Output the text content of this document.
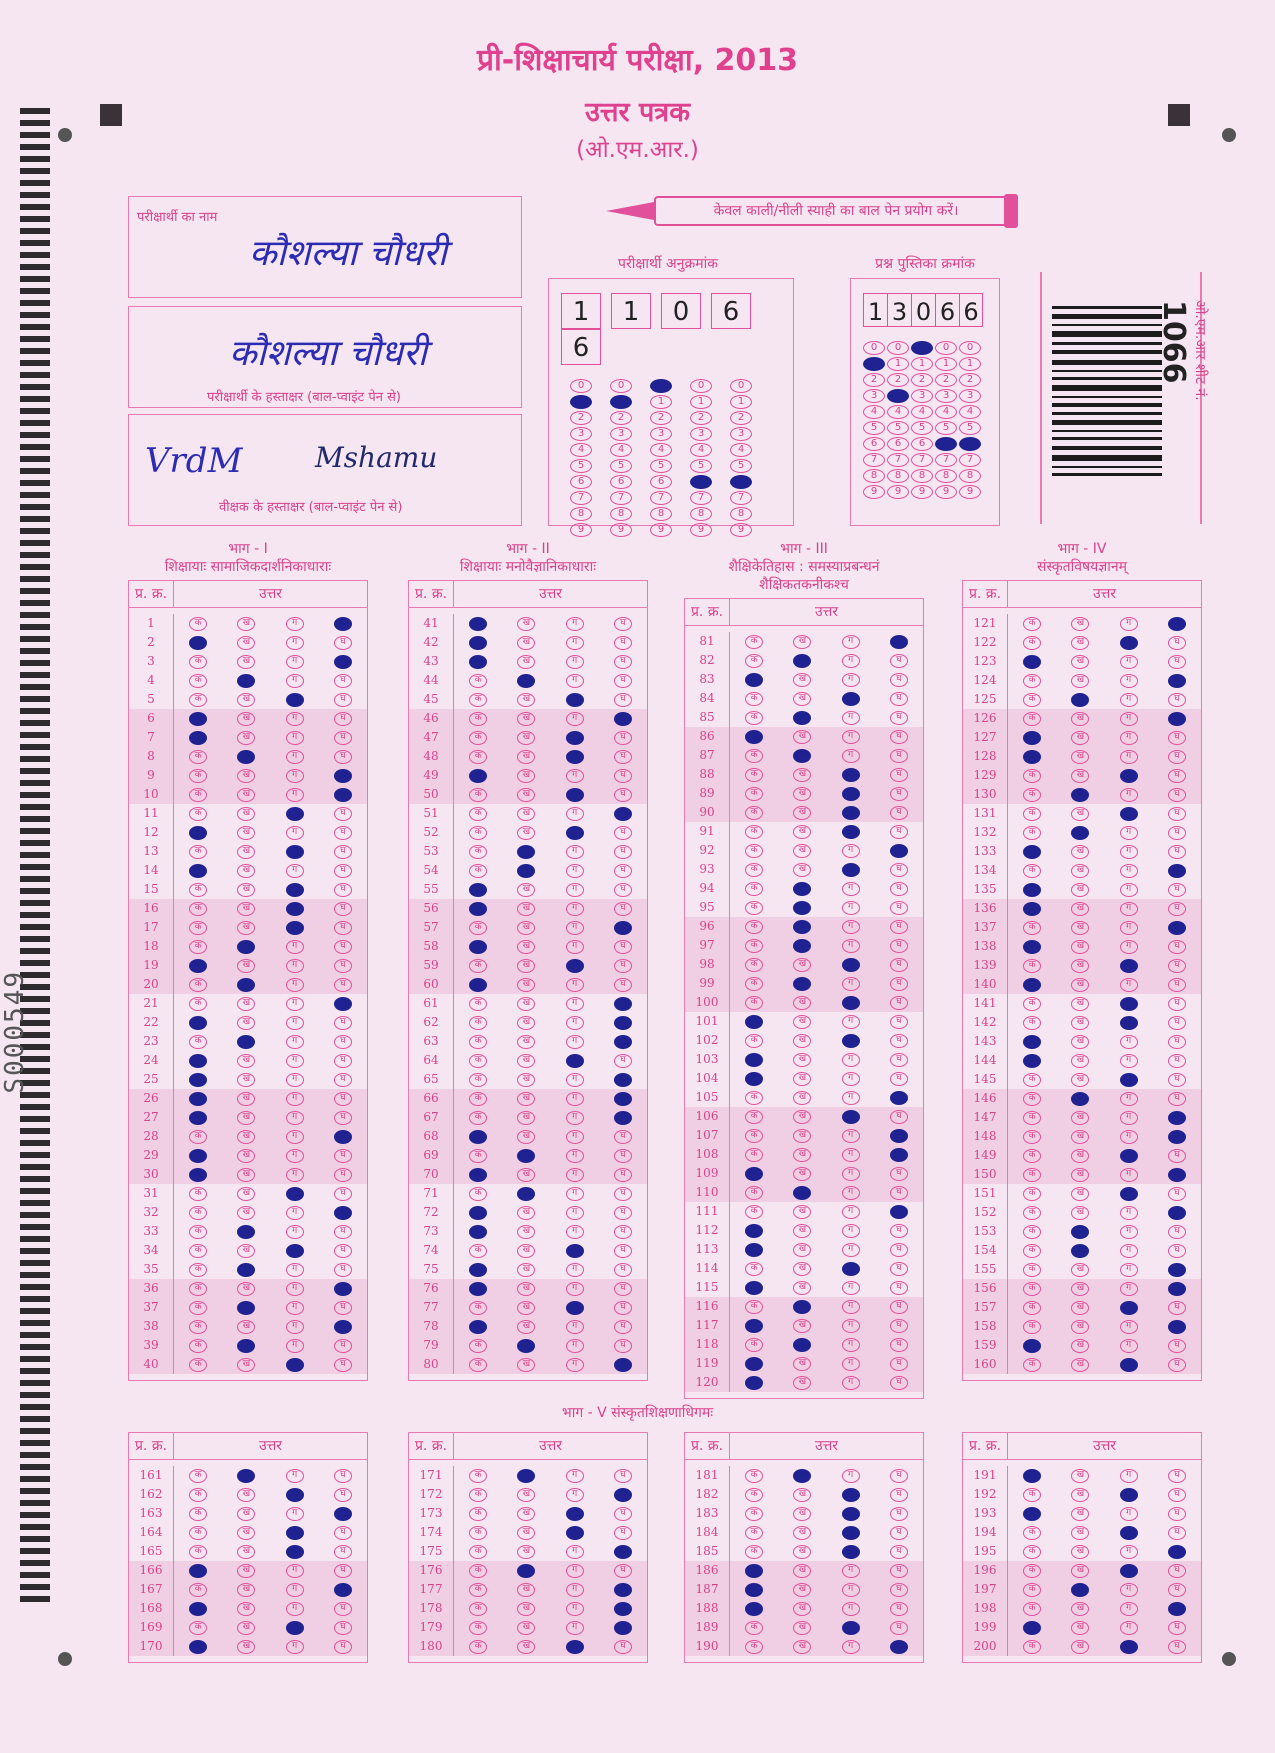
प्री-शिक्षाचार्य परीक्षा, 2013
उत्तर पत्रक
(ओ.एम.आर.)
S000549
परीक्षार्थी का नाम
कौशल्या चौधरी
कौशल्या चौधरी
परीक्षार्थी के हस्ताक्षर (बाल-प्वाइंट पेन से)
VrdM	Mshamu
वीक्षक के हस्ताक्षर (बाल-प्वाइंट पेन से)
केवल काली/नीली स्याही का बाल पेन प्रयोग करें।
परीक्षार्थी अनुक्रमांक
1 1 0 66
0	0	0	0	0
1	1	1	1	1
2	2	2	2	2
3	3	3	3	3
4	4	4	4	4
5	5	5	5	5
6	6	6	6	6
7	7	7	7	7
8	8	8	8	8
9	9	9	9	9
प्रश्न पुस्तिका क्रमांक
1 3 0 6 6
0 0 0 0 0
1 1 1 1 1
2 2 2 2 2
3 3 3 3 3
4 4 4 4 4
5 5 5 5 5
6 6 6 6 6
7 7 7 7 7
8 8 8 8 8
9 9 9 9 9
ओ.एम.आर शीट नं. 1066
भाग - I
शिक्षायाः सामाजिकदार्शनिकाधाराः
प्र. क्र.	उत्तर
1	क	ख	ग	घ
2	क	ख	ग	घ
3	क	ख	ग	घ
4	क	ख	ग	घ
5	क	ख	ग	घ
6	क	ख	ग	घ
7	क	ख	ग	घ
8	क	ख	ग	घ
9	क	ख	ग	घ
10	क	ख	ग	घ
11	क	ख	ग	घ
12	क	ख	ग	घ
13	क	ख	ग	घ
14	क	ख	ग	घ
15	क	ख	ग	घ
16	क	ख	ग	घ
17	क	ख	ग	घ
18	क	ख	ग	घ
19	क	ख	ग	घ
20	क	ख	ग	घ
21	क	ख	ग	घ
22	क	ख	ग	घ
23	क	ख	ग	घ
24	क	ख	ग	घ
25	क	ख	ग	घ
26	क	ख	ग	घ
27	क	ख	ग	घ
28	क	ख	ग	घ
29	क	ख	ग	घ
30	क	ख	ग	घ
31	क	ख	ग	घ
32	क	ख	ग	घ
33	क	ख	ग	घ
34	क	ख	ग	घ
35	क	ख	ग	घ
36	क	ख	ग	घ
37	क	ख	ग	घ
38	क	ख	ग	घ
39	क	ख	ग	घ
40	क	ख	ग	घ
भाग - II
शिक्षायाः मनोवैज्ञानिकाधाराः
प्र. क्र.	उत्तर
41	क	ख	ग	घ
42	क	ख	ग	घ
43	क	ख	ग	घ
44	क	ख	ग	घ
45	क	ख	ग	घ
46	क	ख	ग	घ
47	क	ख	ग	घ
48	क	ख	ग	घ
49	क	ख	ग	घ
50	क	ख	ग	घ
51	क	ख	ग	घ
52	क	ख	ग	घ
53	क	ख	ग	घ
54	क	ख	ग	घ
55	क	ख	ग	घ
56	क	ख	ग	घ
57	क	ख	ग	घ
58	क	ख	ग	घ
59	क	ख	ग	घ
60	क	ख	ग	घ
61	क	ख	ग	घ
62	क	ख	ग	घ
63	क	ख	ग	घ
64	क	ख	ग	घ
65	क	ख	ग	घ
66	क	ख	ग	घ
67	क	ख	ग	घ
68	क	ख	ग	घ
69	क	ख	ग	घ
70	क	ख	ग	घ
71	क	ख	ग	घ
72	क	ख	ग	घ
73	क	ख	ग	घ
74	क	ख	ग	घ
75	क	ख	ग	घ
76	क	ख	ग	घ
77	क	ख	ग	घ
78	क	ख	ग	घ
79	क	ख	ग	घ
80	क	ख	ग	घ
भाग - III
शैक्षिकेतिहास : समस्याप्रबन्धनं शैक्षिकतकनीकश्च
प्र. क्र.	उत्तर
81	क	ख	ग	घ
82	क	ख	ग	घ
83	क	ख	ग	घ
84	क	ख	ग	घ
85	क	ख	ग	घ
86	क	ख	ग	घ
87	क	ख	ग	घ
88	क	ख	ग	घ
89	क	ख	ग	घ
90	क	ख	ग	घ
91	क	ख	ग	घ
92	क	ख	ग	घ
93	क	ख	ग	घ
94	क	ख	ग	घ
95	क	ख	ग	घ
96	क	ख	ग	घ
97	क	ख	ग	घ
98	क	ख	ग	घ
99	क	ख	ग	घ
100	क	ख	ग	घ
101	क	ख	ग	घ
102	क	ख	ग	घ
103	क	ख	ग	घ
104	क	ख	ग	घ
105	क	ख	ग	घ
106	क	ख	ग	घ
107	क	ख	ग	घ
108	क	ख	ग	घ
109	क	ख	ग	घ
110	क	ख	ग	घ
111	क	ख	ग	घ
112	क	ख	ग	घ
113	क	ख	ग	घ
114	क	ख	ग	घ
115	क	ख	ग	घ
116	क	ख	ग	घ
117	क	ख	ग	घ
118	क	ख	ग	घ
119	क	ख	ग	घ
120	क	ख	ग	घ
भाग - IV
संस्कृतविषयज्ञानम्
प्र. क्र.	उत्तर
121	क	ख	ग	घ
122	क	ख	ग	घ
123	क	ख	ग	घ
124	क	ख	ग	घ
125	क	ख	ग	घ
126	क	ख	ग	घ
127	क	ख	ग	घ
128	क	ख	ग	घ
129	क	ख	ग	घ
130	क	ख	ग	घ
131	क	ख	ग	घ
132	क	ख	ग	घ
133	क	ख	ग	घ
134	क	ख	ग	घ
135	क	ख	ग	घ
136	क	ख	ग	घ
137	क	ख	ग	घ
138	क	ख	ग	घ
139	क	ख	ग	घ
140	क	ख	ग	घ
141	क	ख	ग	घ
142	क	ख	ग	घ
143	क	ख	ग	घ
144	क	ख	ग	घ
145	क	ख	ग	घ
146	क	ख	ग	घ
147	क	ख	ग	घ
148	क	ख	ग	घ
149	क	ख	ग	घ
150	क	ख	ग	घ
151	क	ख	ग	घ
152	क	ख	ग	घ
153	क	ख	ग	घ
154	क	ख	ग	घ
155	क	ख	ग	घ
156	क	ख	ग	घ
157	क	ख	ग	घ
158	क	ख	ग	घ
159	क	ख	ग	घ
160	क	ख	ग	घ
भाग - V संस्कृतशिक्षणाधिगमः
प्र. क्र.	उत्तर
161	क	ख	ग	घ
162	क	ख	ग	घ
163	क	ख	ग	घ
164	क	ख	ग	घ
165	क	ख	ग	घ
166	क	ख	ग	घ
167	क	ख	ग	घ
168	क	ख	ग	घ
169	क	ख	ग	घ
170	क	ख	ग	घ
प्र. क्र.	उत्तर
171	क	ख	ग	घ
172	क	ख	ग	घ
173	क	ख	ग	घ
174	क	ख	ग	घ
175	क	ख	ग	घ
176	क	ख	ग	घ
177	क	ख	ग	घ
178	क	ख	ग	घ
179	क	ख	ग	घ
180	क	ख	ग	घ
प्र. क्र.	उत्तर
181	क	ख	ग	घ
182	क	ख	ग	घ
183	क	ख	ग	घ
184	क	ख	ग	घ
185	क	ख	ग	घ
186	क	ख	ग	घ
187	क	ख	ग	घ
188	क	ख	ग	घ
189	क	ख	ग	घ
190	क	ख	ग	घ
प्र. क्र.	उत्तर
191	क	ख	ग	घ
192	क	ख	ग	घ
193	क	ख	ग	घ
194	क	ख	ग	घ
195	क	ख	ग	घ
196	क	ख	ग	घ
197	क	ख	ग	घ
198	क	ख	ग	घ
199	क	ख	ग	घ
200	क	ख	ग	घ
